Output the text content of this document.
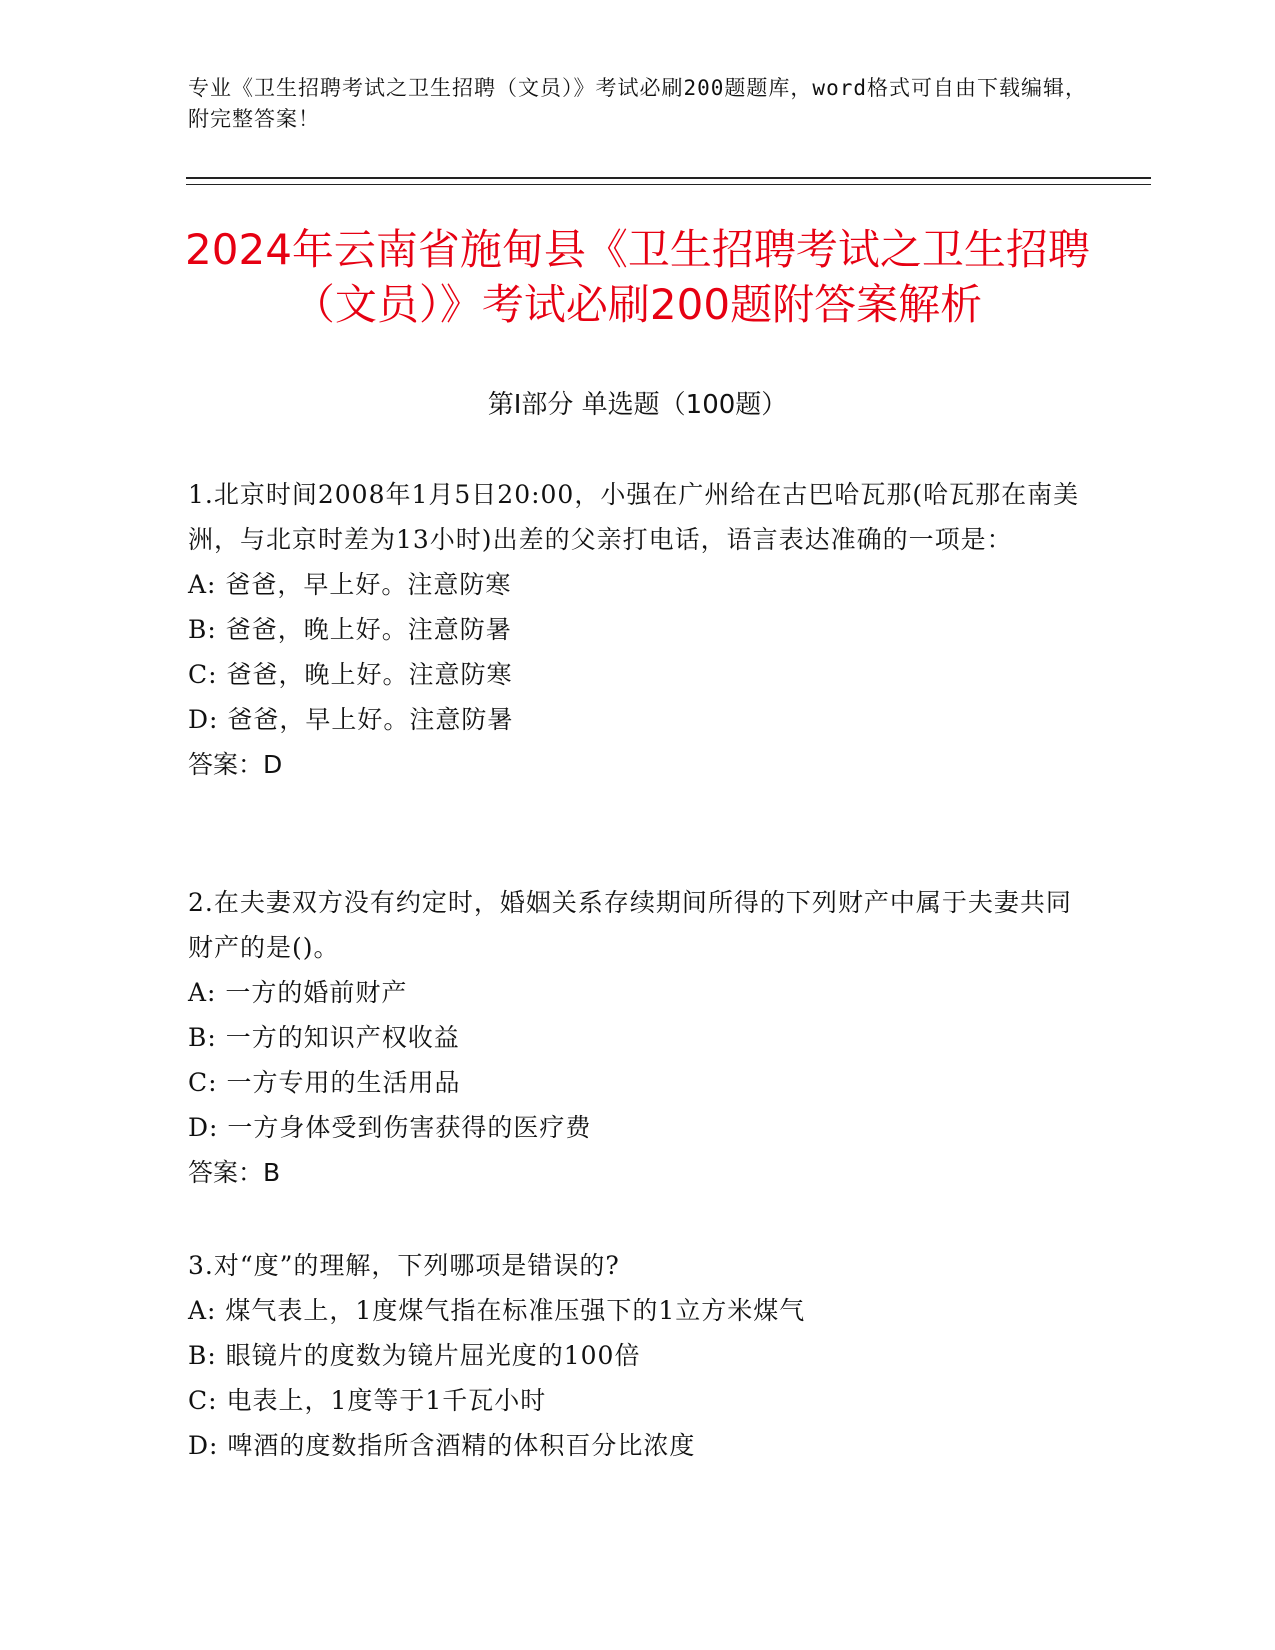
专业《卫生招聘考试之卫生招聘（文员）》考试必刷200题题库，word格式可自由下载编辑，附完整答案！
2024年云南省施甸县《卫生招聘考试之卫生招聘（文员）》考试必刷200题附答案解析
第Ⅰ部分 单选题（100题）
1.北京时间2008年1月5日20:00，小强在广州给在古巴哈瓦那(哈瓦那在南美洲，与北京时差为13小时)出差的父亲打电话，语言表达准确的一项是：
A: 爸爸，早上好。注意防寒
B: 爸爸，晚上好。注意防暑
C: 爸爸，晚上好。注意防寒
D: 爸爸，早上好。注意防暑
答案：D
2.在夫妻双方没有约定时，婚姻关系存续期间所得的下列财产中属于夫妻共同财产的是()。
A: 一方的婚前财产
B: 一方的知识产权收益
C: 一方专用的生活用品
D: 一方身体受到伤害获得的医疗费
答案：B
3.对“度”的理解，下列哪项是错误的?
A: 煤气表上，1度煤气指在标准压强下的1立方米煤气
B: 眼镜片的度数为镜片屈光度的100倍
C: 电表上，1度等于1千瓦小时
D: 啤酒的度数指所含酒精的体积百分比浓度
